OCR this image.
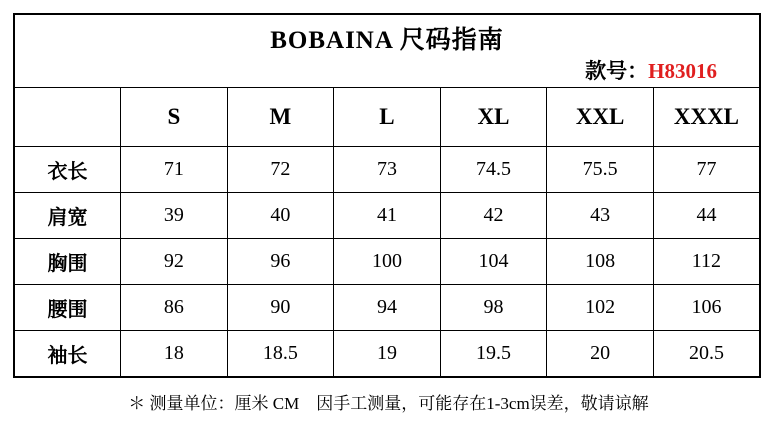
BOBAINA 尺码指南
款号：H83016						

	S	M	L	XL	XXL	XXXL
衣长	71	72	73	74.5	75.5	77
肩宽	39	40	41	42	43	44
胸围	92	96	100	104	108	112
腰围	86	90	94	98	102	106
袖长	18	18.5	19	19.5	20	20.5
＊ 测量单位：厘米 CM　因手工测量，可能存在1-3cm误差，敬请谅解
